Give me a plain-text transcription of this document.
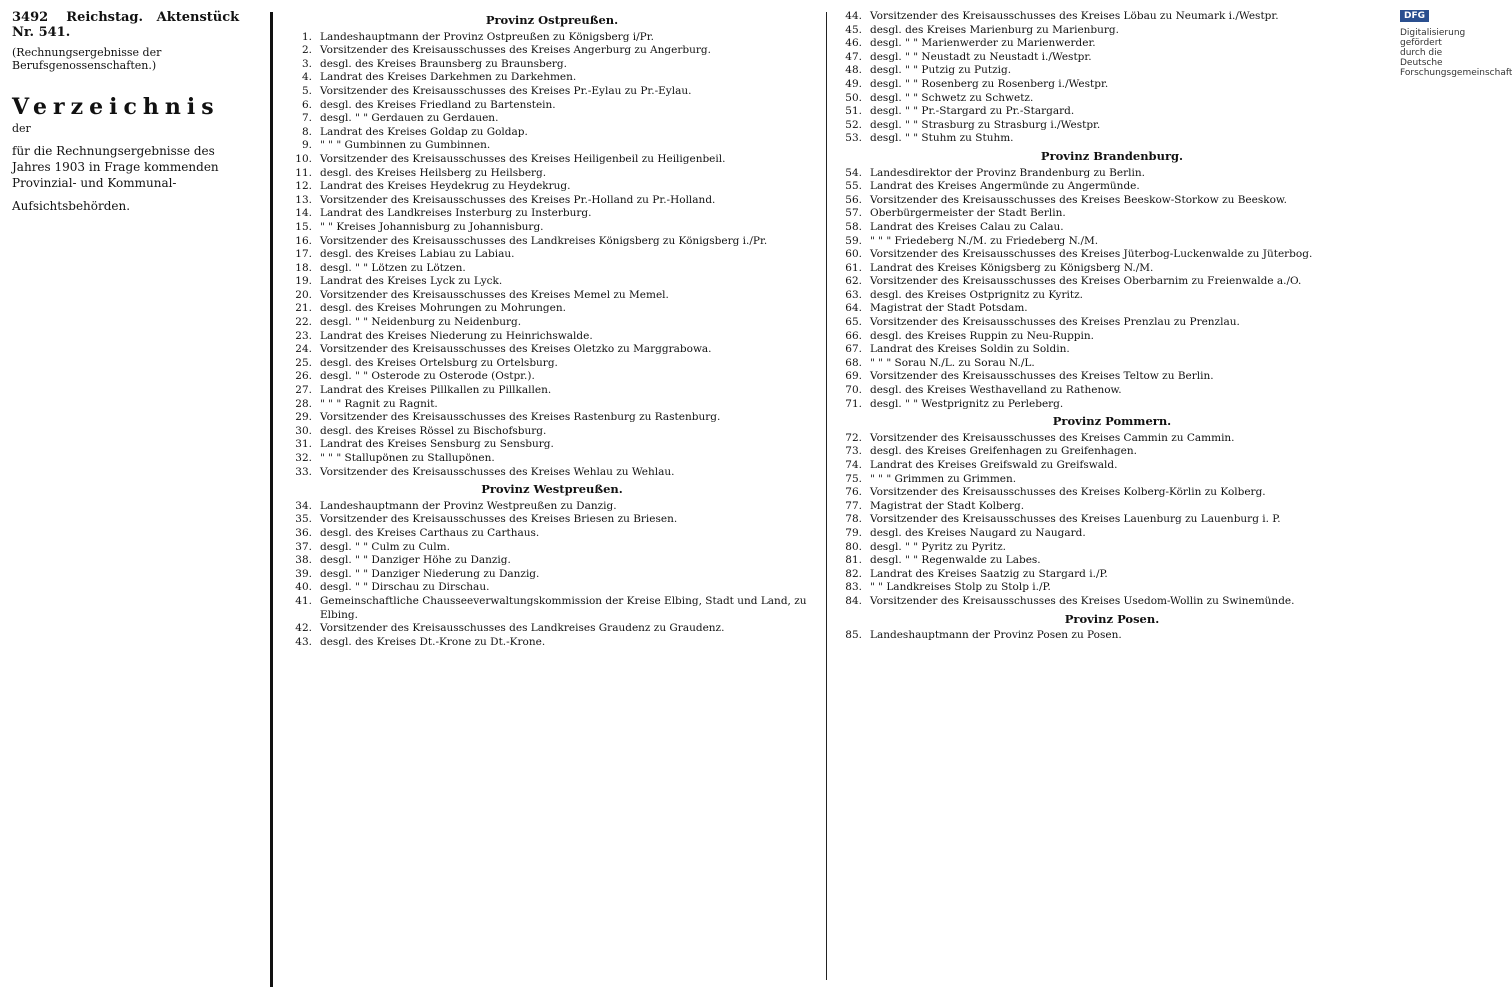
3492 Reichstag. Aktenstück Nr. 541.
(Rechnungsergebnisse der Berufsgenossenschaften.)
Verzeichnis
der
für die Rechnungsergebnisse des Jahres 1903 in Frage kommenden Provinzial- und Kommunal-
Aufsichtsbehörden.
Provinz Ostpreußen.
1. Landeshauptmann der Provinz Ostpreußen zu Königsberg i/Pr.
2. Vorsitzender des Kreisausschusses des Kreises Angerburg zu Angerburg.
3. desgl. des Kreises Braunsberg zu Braunsberg.
4. Landrat des Kreises Darkehmen zu Darkehmen.
5. Vorsitzender des Kreisausschusses des Kreises Pr.-Eylau zu Pr.-Eylau.
6. desgl. des Kreises Friedland zu Bartenstein.
7. desgl. " " Gerdauen zu Gerdauen.
8. Landrat des Kreises Goldap zu Goldap.
9. " " " Gumbinnen zu Gumbinnen.
10. Vorsitzender des Kreisausschusses des Kreises Heiligenbeil zu Heiligenbeil.
11. desgl. des Kreises Heilsberg zu Heilsberg.
12. Landrat des Kreises Heydekrug zu Heydekrug.
13. Vorsitzender des Kreisausschusses des Kreises Pr.-Holland zu Pr.-Holland.
14. Landrat des Landkreises Insterburg zu Insterburg.
15. " " Kreises Johannisburg zu Johannisburg.
16. Vorsitzender des Kreisausschusses des Landkreises Königsberg zu Königsberg i./Pr.
17. desgl. des Kreises Labiau zu Labiau.
18. desgl. " " Lötzen zu Lötzen.
19. Landrat des Kreises Lyck zu Lyck.
20. Vorsitzender des Kreisausschusses des Kreises Memel zu Memel.
21. desgl. des Kreises Mohrungen zu Mohrungen.
22. desgl. " " Neidenburg zu Neidenburg.
23. Landrat des Kreises Niederung zu Heinrichswalde.
24. Vorsitzender des Kreisausschusses des Kreises Oletzko zu Marggrabowa.
25. desgl. des Kreises Ortelsburg zu Ortelsburg.
26. desgl. " " Osterode zu Osterode (Ostpr.).
27. Landrat des Kreises Pillkallen zu Pillkallen.
28. " " " Ragnit zu Ragnit.
29. Vorsitzender des Kreisausschusses des Kreises Rastenburg zu Rastenburg.
30. desgl. des Kreises Rössel zu Bischofsburg.
31. Landrat des Kreises Sensburg zu Sensburg.
32. " " " Stallupönen zu Stallupönen.
33. Vorsitzender des Kreisausschusses des Kreises Wehlau zu Wehlau.
Provinz Westpreußen.
34. Landeshauptmann der Provinz Westpreußen zu Danzig.
35. Vorsitzender des Kreisausschusses des Kreises Briesen zu Briesen.
36. desgl. des Kreises Carthaus zu Carthaus.
37. desgl. " " Culm zu Culm.
38. desgl. " " Danziger Höhe zu Danzig.
39. desgl. " " Danziger Niederung zu Danzig.
40. desgl. " " Dirschau zu Dirschau.
41. Gemeinschaftliche Chausseeverwaltungskommission der Kreise Elbing, Stadt und Land, zu Elbing.
42. Vorsitzender des Kreisausschusses des Landkreises Graudenz zu Graudenz.
43. desgl. des Kreises Dt.-Krone zu Dt.-Krone.
44. Vorsitzender des Kreisausschusses des Kreises Löbau zu Neumark i./Westpr.
45. desgl. des Kreises Marienburg zu Marienburg.
46. desgl. " " Marienwerder zu Marienwerder.
47. desgl. " " Neustadt zu Neustadt i./Westpr.
48. desgl. " " Putzig zu Putzig.
49. desgl. " " Rosenberg zu Rosenberg i./Westpr.
50. desgl. " " Schwetz zu Schwetz.
51. desgl. " " Pr.-Stargard zu Pr.-Stargard.
52. desgl. " " Strasburg zu Strasburg i./Westpr.
53. desgl. " " Stuhm zu Stuhm.
Provinz Brandenburg.
54. Landesdirektor der Provinz Brandenburg zu Berlin.
55. Landrat des Kreises Angermünde zu Angermünde.
56. Vorsitzender des Kreisausschusses des Kreises Beeskow-Storkow zu Beeskow.
57. Oberbürgermeister der Stadt Berlin.
58. Landrat des Kreises Calau zu Calau.
59. " " " Friedeberg N./M. zu Friedeberg N./M.
60. Vorsitzender des Kreisausschusses des Kreises Jüterbog-Luckenwalde zu Jüterbog.
61. Landrat des Kreises Königsberg zu Königsberg N./M.
62. Vorsitzender des Kreisausschusses des Kreises Oberbarnim zu Freienwalde a./O.
63. desgl. des Kreises Ostprignitz zu Kyritz.
64. Magistrat der Stadt Potsdam.
65. Vorsitzender des Kreisausschusses des Kreises Prenzlau zu Prenzlau.
66. desgl. des Kreises Ruppin zu Neu-Ruppin.
67. Landrat des Kreises Soldin zu Soldin.
68. " " " Sorau N./L. zu Sorau N./L.
69. Vorsitzender des Kreisausschusses des Kreises Teltow zu Berlin.
70. desgl. des Kreises Westhavelland zu Rathenow.
71. desgl. " " Westprignitz zu Perleberg.
Provinz Pommern.
72. Vorsitzender des Kreisausschusses des Kreises Cammin zu Cammin.
73. desgl. des Kreises Greifenhagen zu Greifenhagen.
74. Landrat des Kreises Greifswald zu Greifswald.
75. " " " Grimmen zu Grimmen.
76. Vorsitzender des Kreisausschusses des Kreises Kolberg-Körlin zu Kolberg.
77. Magistrat der Stadt Kolberg.
78. Vorsitzender des Kreisausschusses des Kreises Lauenburg zu Lauenburg i. P.
79. desgl. des Kreises Naugard zu Naugard.
80. desgl. " " Pyritz zu Pyritz.
81. desgl. " " Regenwalde zu Labes.
82. Landrat des Kreises Saatzig zu Stargard i./P.
83. " " Landkreises Stolp zu Stolp i./P.
84. Vorsitzender des Kreisausschusses des Kreises Usedom-Wollin zu Swinemünde.
Provinz Posen.
85. Landeshauptmann der Provinz Posen zu Posen.
DFG
Digitalisierung gefördert durch die Deutsche Forschungsgemeinschaft
